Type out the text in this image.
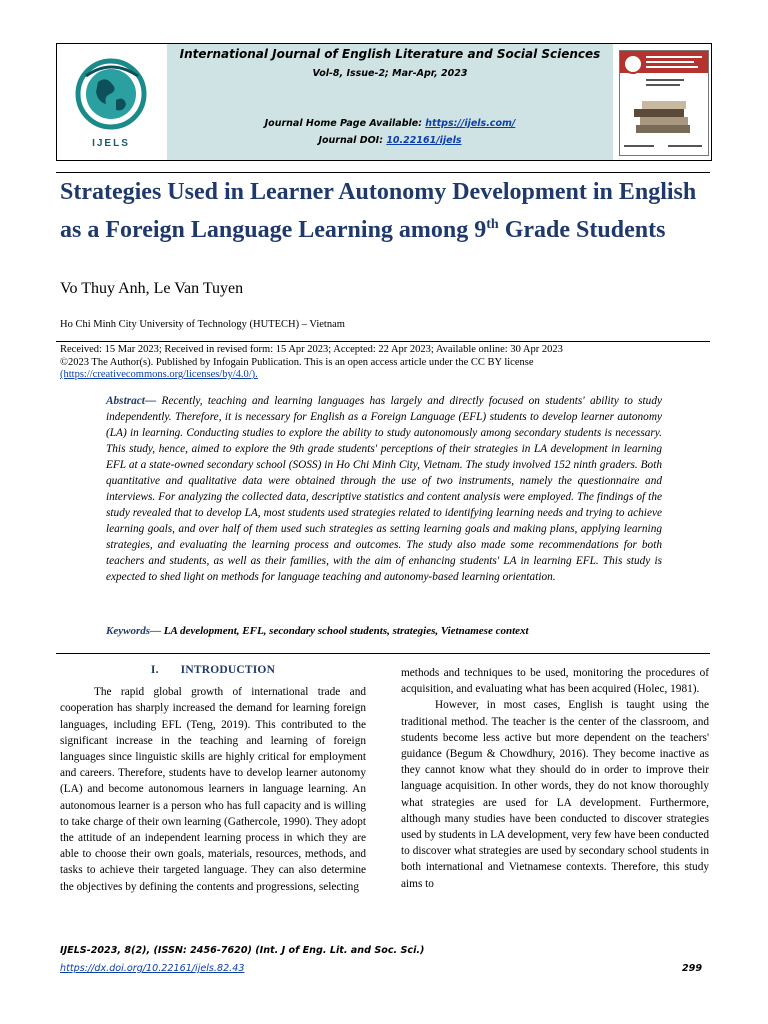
IJELS
International Journal of English Literature and Social Sciences
Vol-8, Issue-2; Mar-Apr, 2023
Journal Home Page Available: https://ijels.com/
Journal DOI: 10.22161/ijels
Strategies Used in Learner Autonomy Development in English as a Foreign Language Learning among 9th Grade Students
Vo Thuy Anh, Le Van Tuyen
Ho Chi Minh City University of Technology (HUTECH) – Vietnam
Received: 15 Mar 2023; Received in revised form: 15 Apr 2023; Accepted: 22 Apr 2023; Available online: 30 Apr 2023
©2023 The Author(s). Published by Infogain Publication. This is an open access article under the CC BY license
(https://creativecommons.org/licenses/by/4.0/).
Abstract— Recently, teaching and learning languages has largely and directly focused on students' ability to study independently. Therefore, it is necessary for English as a Foreign Language (EFL) students to develop learner autonomy (LA) in learning. Conducting studies to explore the ability to study autonomously among secondary students is necessary. This study, hence, aimed to explore the 9th grade students' perceptions of their strategies in LA development in learning EFL at a state-owned secondary school (SOSS) in Ho Chi Minh City, Vietnam. The study involved 152 ninth graders. Both quantitative and qualitative data were obtained through the use of two instruments, namely the questionnaire and interviews. For analyzing the collected data, descriptive statistics and content analysis were employed. The findings of the study revealed that to develop LA, most students used strategies related to identifying learning needs and trying to achieve learning goals, and over half of them used such strategies as setting learning goals and making plans, applying learning strategies, and evaluating the learning process and outcomes. The study also made some recommendations for both teachers and students, as well as their families, with the aim of enhancing students' LA in learning EFL. This study is expected to shed light on methods for language teaching and autonomy-based learning orientation.
Keywords— LA development, EFL, secondary school students, strategies, Vietnamese context
I. INTRODUCTION

The rapid global growth of international trade and cooperation has sharply increased the demand for learning foreign languages, including EFL (Teng, 2019). This contributed to the significant increase in the teaching and learning of foreign languages since linguistic skills are highly critical for employment and careers. Therefore, students have to develop learner autonomy (LA) and become autonomous learners in language learning. An autonomous learner is a person who has full capacity and is willing to take charge of their own learning (Gathercole, 1990). They adopt the attitude of an independent learning process in which they are able to choose their own goals, materials, resources, methods, and tasks to achieve their targeted language. They can also determine the objectives by defining the contents and progressions, selecting

methods and techniques to be used, monitoring the procedures of acquisition, and evaluating what has been acquired (Holec, 1981).

However, in most cases, English is taught using the traditional method. The teacher is the center of the classroom, and students become less active but more dependent on the teachers' guidance (Begum & Chowdhury, 2016). They become inactive as they cannot know what they should do in order to improve their language acquisition. In other words, they do not know thoroughly what strategies are used for LA development. Furthermore, although many studies have been conducted to discover strategies used by students in LA development, very few have been conducted to discover what strategies are used by secondary school students in both international and Vietnamese contexts. Therefore, this study aims to

IJELS-2023, 8(2), (ISSN: 2456-7620) (Int. J of Eng. Lit. and Soc. Sci.)
https://dx.doi.org/10.22161/ijels.82.43	299
